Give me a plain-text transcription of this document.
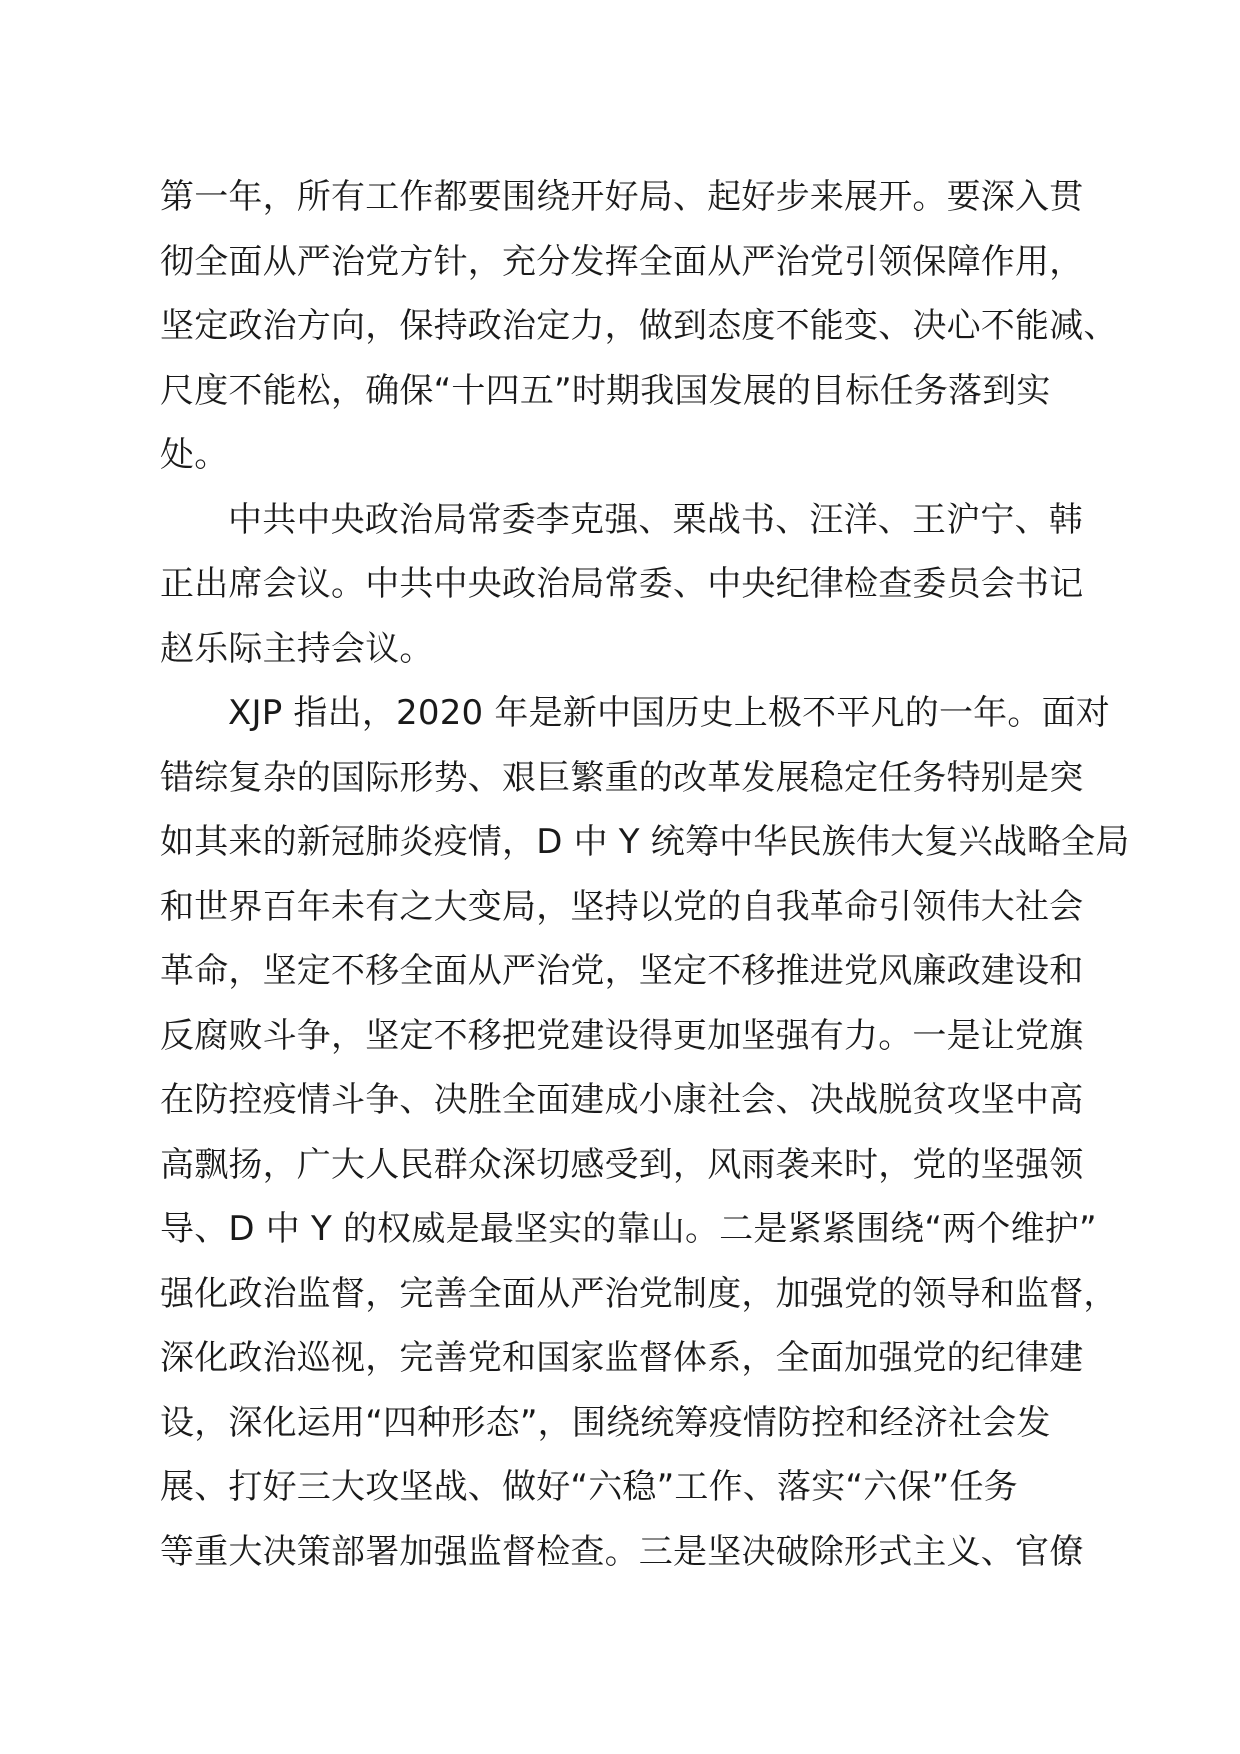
第一年，所有工作都要围绕开好局、起好步来展开。要深入贯
彻全面从严治党方针，充分发挥全面从严治党引领保障作用，
坚定政治方向，保持政治定力，做到态度不能变、决心不能减、
尺度不能松，确保“十四五”时期我国发展的目标任务落到实
处。
中共中央政治局常委李克强、栗战书、汪洋、王沪宁、韩
正出席会议。中共中央政治局常委、中央纪律检查委员会书记
赵乐际主持会议。
XJP 指出，2020 年是新中国历史上极不平凡的一年。面对
错综复杂的国际形势、艰巨繁重的改革发展稳定任务特别是突
如其来的新冠肺炎疫情，D 中 Y 统筹中华民族伟大复兴战略全局
和世界百年未有之大变局，坚持以党的自我革命引领伟大社会
革命，坚定不移全面从严治党，坚定不移推进党风廉政建设和
反腐败斗争，坚定不移把党建设得更加坚强有力。一是让党旗
在防控疫情斗争、决胜全面建成小康社会、决战脱贫攻坚中高
高飘扬，广大人民群众深切感受到，风雨袭来时，党的坚强领
导、D 中 Y 的权威是最坚实的靠山。二是紧紧围绕“两个维护”
强化政治监督，完善全面从严治党制度，加强党的领导和监督，
深化政治巡视，完善党和国家监督体系，全面加强党的纪律建
设，深化运用“四种形态”，围绕统筹疫情防控和经济社会发
展、打好三大攻坚战、做好“六稳”工作、落实“六保”任务
等重大决策部署加强监督检查。三是坚决破除形式主义、官僚
